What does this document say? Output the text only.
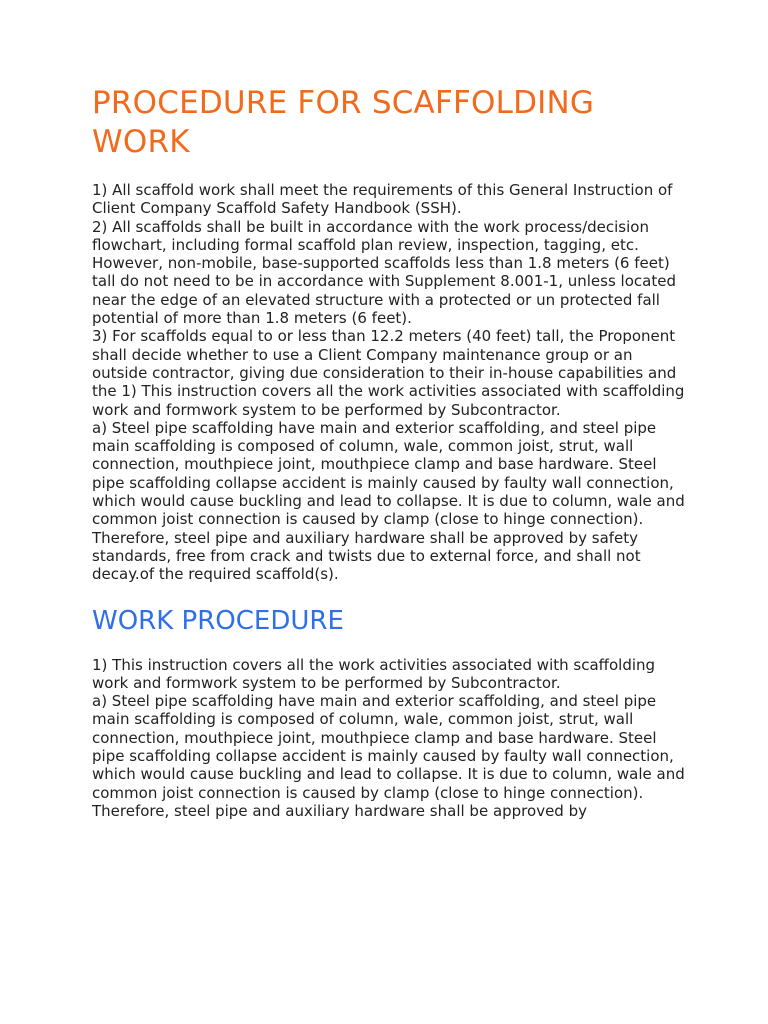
PROCEDURE FOR SCAFFOLDING WORK

1) All scaffold work shall meet the requirements of this General Instruction of Client Company Scaffold Safety Handbook (SSH).

2) All scaffolds shall be built in accordance with the work process/decision flowchart, including formal scaffold plan review, inspection, tagging, etc. However, non-mobile, base-supported scaffolds less than 1.8 meters (6 feet) tall do not need to be in accordance with Supplement 8.001-1, unless located near the edge of an elevated structure with a protected or un protected fall potential of more than 1.8 meters (6 feet).

3) For scaffolds equal to or less than 12.2 meters (40 feet) tall, the Proponent shall decide whether to use a Client Company maintenance group or an outside contractor, giving due consideration to their in-house capabilities and the 1) This instruction covers all the work activities associated with scaffolding work and formwork system to be performed by Subcontractor.

a) Steel pipe scaffolding have main and exterior scaffolding, and steel pipe main scaffolding is composed of column, wale, common joist, strut, wall connection, mouthpiece joint, mouthpiece clamp and base hardware. Steel pipe scaffolding collapse accident is mainly caused by faulty wall connection, which would cause buckling and lead to collapse. It is due to column, wale and common joist connection is caused by clamp (close to hinge connection). Therefore, steel pipe and auxiliary hardware shall be approved by safety standards, free from crack and twists due to external force, and shall not decay.of the required scaffold(s).

WORK PROCEDURE

1) This instruction covers all the work activities associated with scaffolding work and formwork system to be performed by Subcontractor.

a) Steel pipe scaffolding have main and exterior scaffolding, and steel pipe main scaffolding is composed of column, wale, common joist, strut, wall connection, mouthpiece joint, mouthpiece clamp and base hardware. Steel pipe scaffolding collapse accident is mainly caused by faulty wall connection, which would cause buckling and lead to collapse. It is due to column, wale and common joist connection is caused by clamp (close to hinge connection). Therefore, steel pipe and auxiliary hardware shall be approved by
